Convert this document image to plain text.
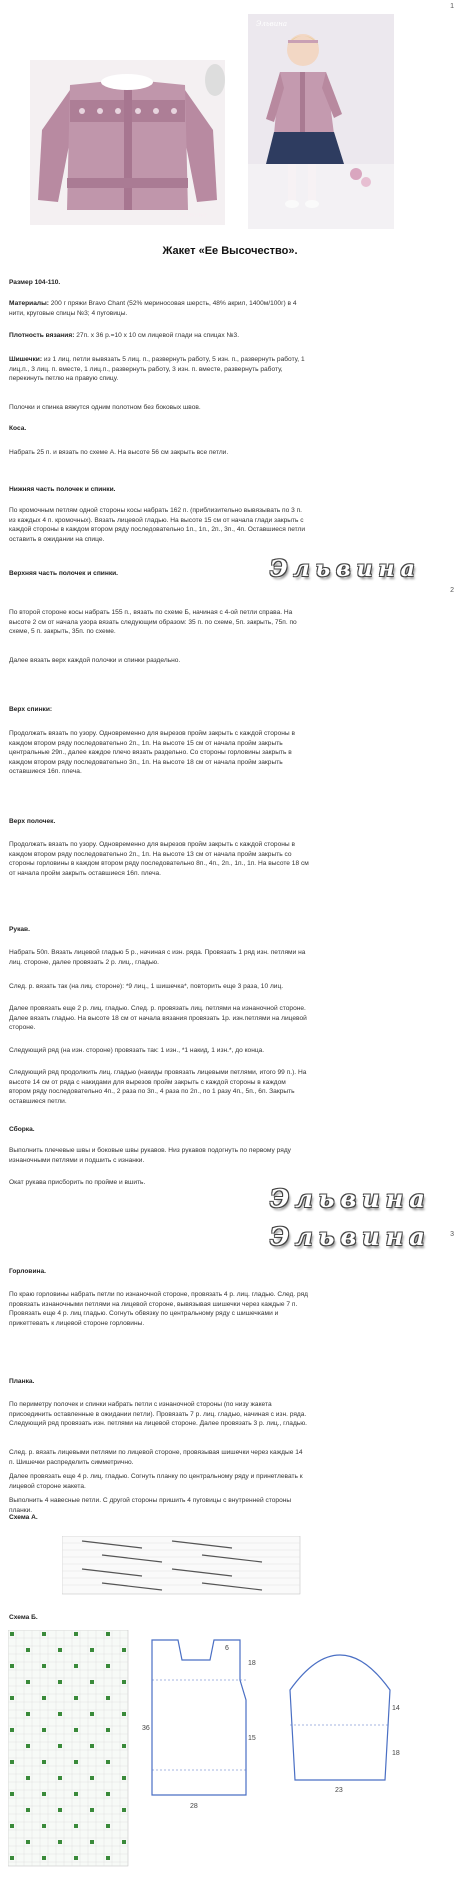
1
2
3
Эльвина
Эльвина
Жакет «Ее Высочество».
Размер 104-110.
Материалы: 200 г пряжи Bravo Chant (52% мериносовая шерсть, 48% акрил, 1400м/100г) в 4 нити, круговые спицы №3; 4 пуговицы.
Плотность вязания: 27п. х 36 р.=10 х 10 см лицевой глади на спицах №3.
Шишечки: из 1 лиц. петли вывязать 5 лиц. п., развернуть работу, 5 изн. п., развернуть работу, 1 лиц.п., 3 лиц. п. вместе, 1 лиц.п., развернуть работу, 3 изн. п. вместе, развернуть работу, перекинуть петлю на правую спицу.
Полочки и спинка вяжутся одним полотном без боковых швов.
Коса.
Набрать 25 п. и вязать по схеме А. На высоте 56 см закрыть все петли.
Нижняя часть полочек и спинки.
По кромочным петлям одной стороны косы набрать 162 п. (приблизительно вывязывать по 3 п. из каждых 4 п. кромочных). Вязать лицевой гладью. На высоте 15 см от начала глади закрыть с каждой стороны в каждом втором ряду последовательно 1п., 1п., 2п., 3п., 4п. Оставшиеся петли оставить в ожидании на спице.
Верхняя часть полочек и спинки.	Эльвина
По второй стороне косы набрать 155 п., вязать по схеме Б, начиная с 4-ой петли справа. На высоте 2 см от начала узора вязать следующим образом: 35 п. по схеме, 5п. закрыть, 75п. по схеме, 5 п. закрыть, 35п. по схеме.
Далее вязать верх каждой полочки и спинки раздельно.
Верх спинки:
Продолжать вязать по узору. Одновременно для вырезов пройм закрыть с каждой стороны в каждом втором ряду последовательно 2п., 1п. На высоте 15 см от начала пройм закрыть центральные 29п., далее каждое плечо вязать раздельно. Со стороны горловины закрыть в каждом втором ряду последовательно 3п., 1п. На высоте 18 см от начала пройм закрыть оставшиеся 16п. плеча.
Верх полочек.
Продолжать вязать по узору. Одновременно для вырезов пройм закрыть с каждой стороны в каждом втором ряду последовательно 2п., 1п. На высоте 13 см от начала пройм закрыть со стороны горловины в каждом втором ряду последовательно 8п., 4п., 2п., 1п., 1п. На высоте 18 см от начала пройм закрыть оставшиеся 16п. плеча.
Рукав.
Набрать 50п. Вязать лицевой гладью 5 р., начиная с изн. ряда. Провязать 1 ряд изн. петлями на лиц. стороне, далее провязать 2 р. лиц., гладью.
След. р. вязать так (на лиц. стороне): *9 лиц., 1 шишечка*, повторить еще 3 раза, 10 лиц.
Далее провязать еще 2 р. лиц. гладью. След. р. провязать лиц. петлями на изнаночной стороне. Далее вязать гладью. На высоте 18 см от начала вязания провязать 1р. изн.петлями на лицевой стороне.
Следующий ряд (на изн. стороне) провязать так: 1 изн., *1 накид, 1 изн.*, до конца.
Следующий ряд продолжить лиц. гладью (накиды провязать лицевыми петлями, итого 99 п.). На высоте 14 см от ряда с накидами для вырезов пройм закрыть с каждой стороны в каждом втором ряду последовательно 4п., 2 раза по 3п., 4 раза по 2п., по 1 разу 4п., 5п., 6п. Закрыть оставшиеся петли.
Сборка.
Выполнить плечевые швы и боковые швы рукавов. Низ рукавов подогнуть по первому ряду изнаночными петлями и подшить с изнанки.
Окат рукава присборить по пройме и вшить.
Эльвина
Эльвина
Горловина.
По краю горловины набрать петли по изнаночной стороне, провязать 4 р. лиц. гладью. След. ряд провязать изнаночными петлями на лицевой стороне, вывязывая шишечки через каждые 7 п. Провязать еще 4 р. лиц гладью. Согнуть обвязку по центральному ряду с шишечками и прикеттевать к лицевой стороне горловины.
Планка.
По периметру полочек и спинки набрать петли с изнаночной стороны (по низу жакета присоединить оставленные в ожидании петли). Провязать 7 р. лиц. гладью, начиная с изн. ряда. Следующий ряд провязать изн. петлями на лицевой стороне. Далее провязать 3 р. лиц., гладью.
След. р. вязать лицевыми петлями по лицевой стороне, провязывая шишечки через каждые 14 п. Шишечки распределить симметрично.
Далее провязать еще 4 р. лиц. гладью. Согнуть планку по центральному ряду и принетлевать к лицевой стороне жакета.
Выполнить 4 навесные петли. С другой стороны пришить 4 пуговицы с внутренней стороны планки.
Схема А.
Схема Б.
36
18
15
28
6
14
18
23
